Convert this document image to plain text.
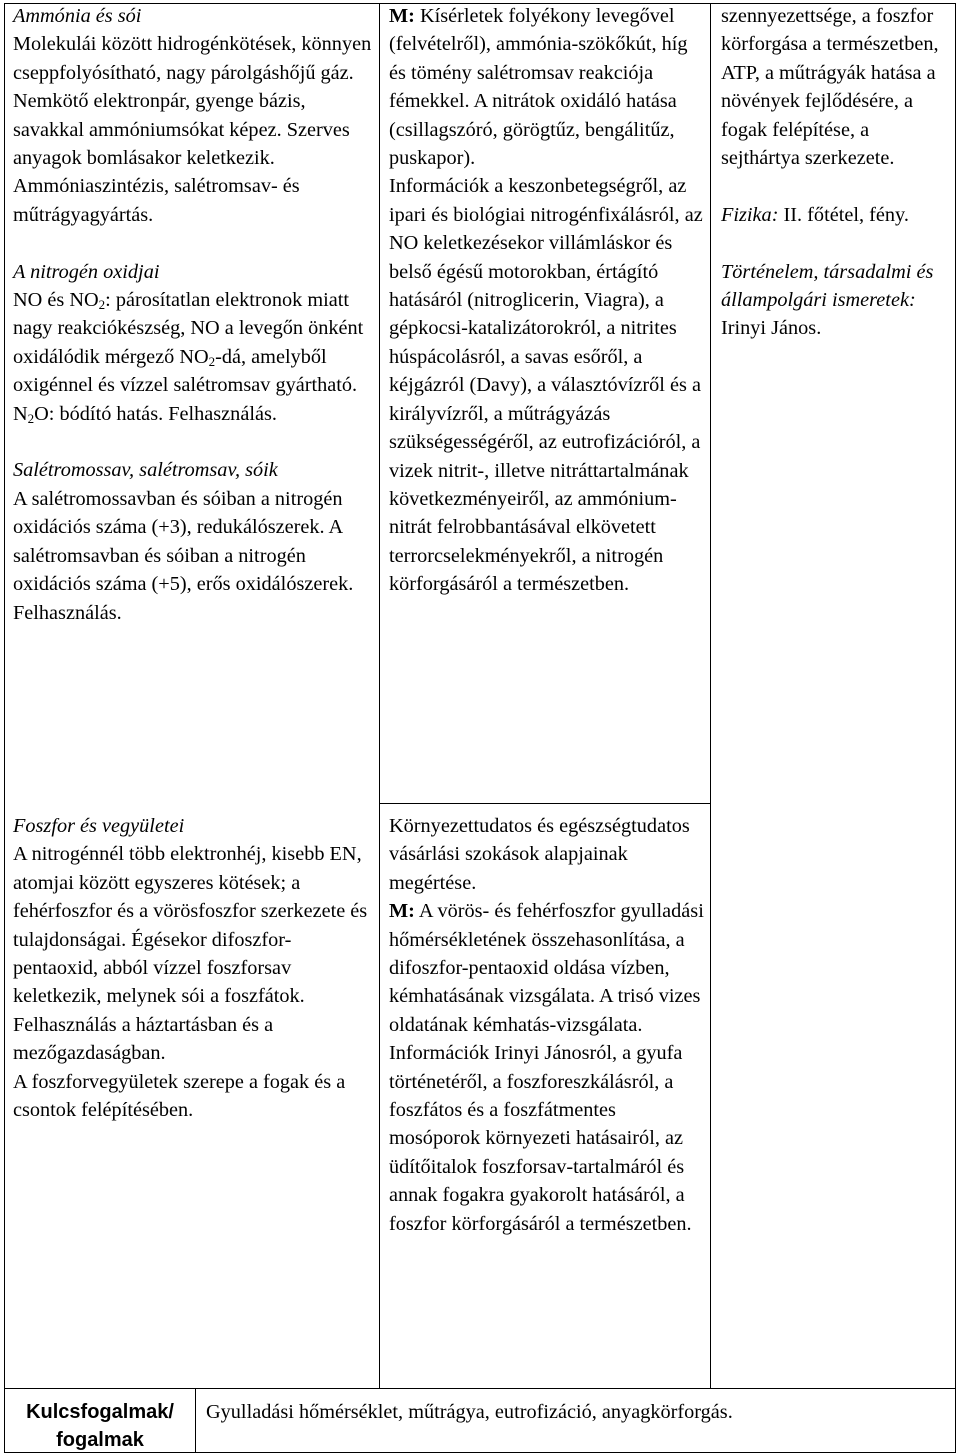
Ammónia és sói
Molekulái között hidrogénkötések, könnyen cseppfolyósítható, nagy párolgáshőjű gáz. Nemkötő elektronpár, gyenge bázis, savakkal ammóniumsókat képez. Szerves anyagok bomlásakor keletkezik. Ammóniaszintézis, salétromsav- és műtrágyagyártás.

A nitrogén oxidjai
NO és $NO_2$: párosítatlan elektronok miatt nagy reakciókészség, NO a levegőn önként oxidálódik mérgező $NO_2-dá$, amelyből oxigénnel és vízzel salétromsav gyártható. $N_2O$: bódító hatás. Felhasználás.

Salétromossav, salétromsav, sóik
A salétromossavban és sóiban a nitrogén oxidációs száma (+3), redukálószerek. A salétromsavban és sóiban a nitrogén oxidációs száma (+5), erős oxidálószerek. Felhasználás.

Foszfor és vegyületei
A nitrogénnél több elektronhéj, kisebb EN, atomjai között egyszeres kötések; a fehérfoszfor és a vörösfoszfor szerkezete és tulajdonságai. Égésekor difoszfor-pentaoxid, abból vízzel foszforsav keletkezik, melynek sói a foszfátok. Felhasználás a háztartásban és a mezőgazdaságban.
A foszforvegyületek szerepe a fogak és a csontok felépítésében.

M: Kísérletek folyékony levegővel (felvételről), ammónia-szökőkút, híg és tömény salétromsav reakciója fémekkel. A nitrátok oxidáló hatása (csillagszóró, görögtűz, bengálitűz, puskapor).

Információk a keszonbetegségről, az ipari és biológiai nitrogénfixálásról, az NO keletkezésekor villámláskor és belső égésű motorokban, értágító hatásáról (nitroglicerin, Viagra), a gépkocsi-katalizátorokról, a nitrites húspácolásról, a savas esőről, a kéjgázról (Davy), a választóvízről és a királyvízről, a műtrágyázás szükségességéről, az eutrofizációról, a vizek nitrit-, illetve nitráttartalmának következményeiről, az ammónium-nitrát felrobbantásával elkövetett terrorcselekményekről, a nitrogén körforgásáról a természetben.

Környezettudatos és egészségtudatos vásárlási szokások alapjainak megértése.

M: A vörös- és fehérfoszfor gyulladási hőmérsékletének összehasonlítása, a difoszfor-pentaoxid oldása vízben, kémhatásának vizsgálata. A trisó vizes oldatának kémhatás-vizsgálata.

Információk Irinyi Jánosról, a gyufa történetéről, a foszforeszkálásról, a foszfátos és a foszfátmentes mosóporok környezeti hatásairól, az üdítőitalok foszforsav-tartalmáról és annak fogakra gyakorolt hatásáról, a foszfor körforgásáról a természetben.

szennyezettsége, a foszfor körforgása a természetben, ATP, a műtrágyák hatása a növények fejlődésére, a fogak felépítése, a sejthártya szerkezete.

Fizika: II. főtétel, fény.

Történelem, társadalmi és állampolgári ismeretek: Irinyi János.

Kulcsfogalmak/
fogalmak
Gyulladási hőmérséklet, műtrágya, eutrofizáció, anyagkörforgás.
